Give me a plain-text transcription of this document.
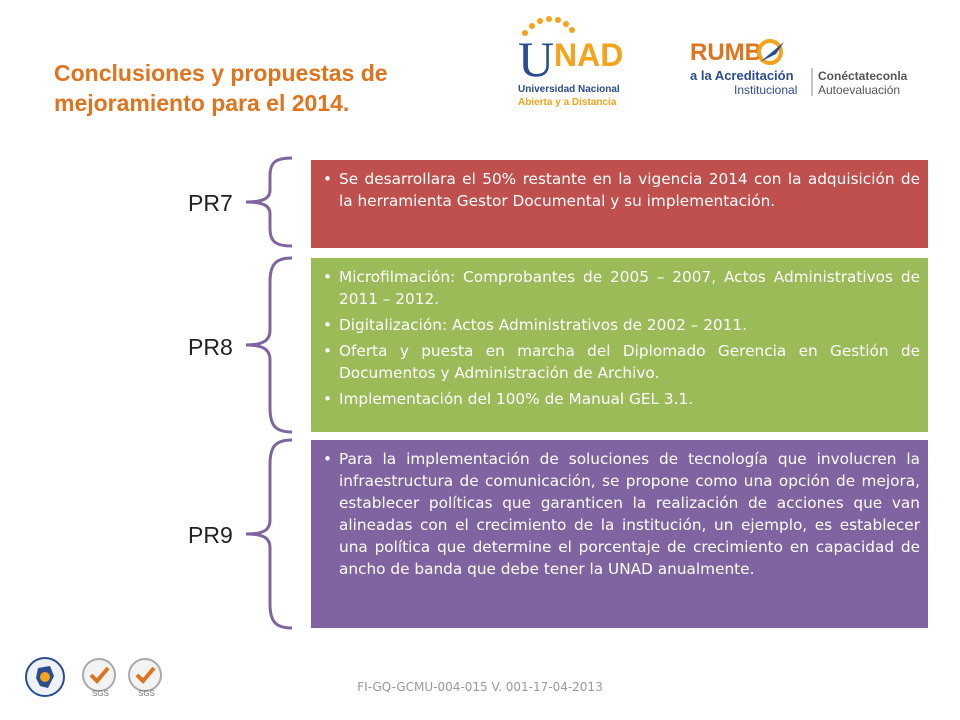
Conclusiones y propuestas de
mejoramiento para el 2014.
U NAD
Universidad Nacional
Abierta y a Distancia
RUMB
a la Acreditación
Institucional
Conéctateconla
Autoevaluación
PR7
PR8
PR9
• Se desarrollara el 50% restante en la vigencia 2014 con la adquisición de la herramienta Gestor Documental y su implementación.
• Microfilmación: Comprobantes de 2005 – 2007, Actos Administrativos de 2011 – 2012.
• Digitalización: Actos Administrativos de 2002 – 2011.
• Oferta y puesta en marcha del Diplomado Gerencia en Gestión de Documentos y Administración de Archivo.
• Implementación del 100% de Manual GEL 3.1.
• Para la implementación de soluciones de tecnología que involucren la infraestructura de comunicación, se propone como una opción de mejora, establecer políticas que garanticen la realización de acciones que van alineadas con el crecimiento de la institución, un ejemplo, es establecer una política que determine el porcentaje de crecimiento en capacidad de ancho de banda que debe tener la UNAD anualmente.
SGS	SGS	FI-GQ-GCMU-004-015 V. 001-17-04-2013
